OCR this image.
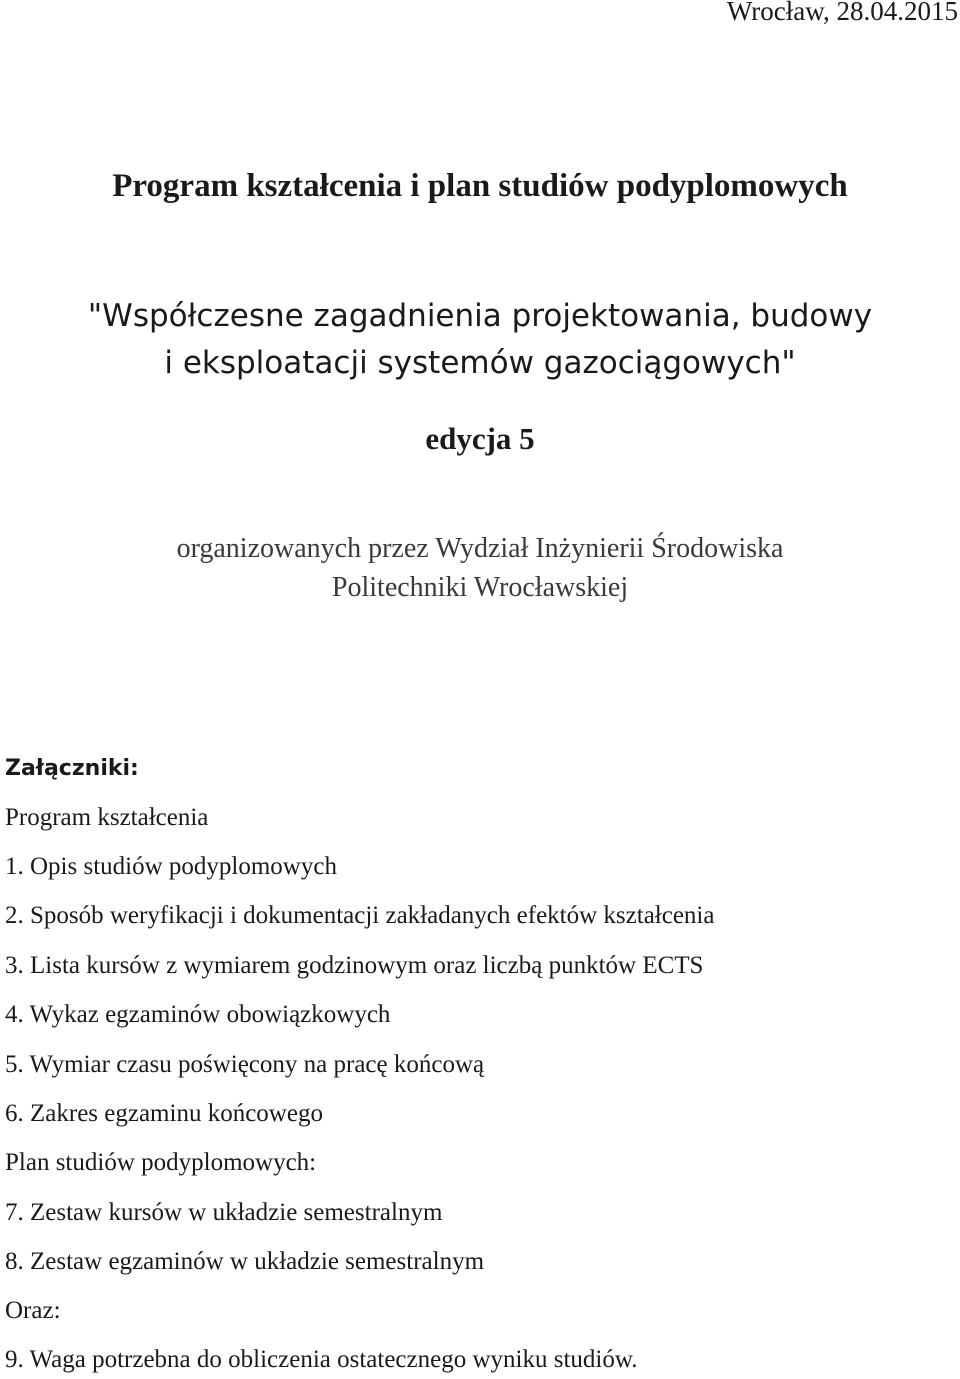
Wrocław, 28.04.2015
Program kształcenia i plan studiów podyplomowych
"Współczesne zagadnienia projektowania, budowy
i eksploatacji systemów gazociągowych"
edycja 5
organizowanych przez Wydział Inżynierii Środowiska
Politechniki Wrocławskiej
Załączniki:
Program kształcenia
1. Opis studiów podyplomowych
2. Sposób weryfikacji i dokumentacji zakładanych efektów kształcenia
3. Lista kursów z wymiarem godzinowym oraz liczbą punktów ECTS
4. Wykaz egzaminów obowiązkowych
5. Wymiar czasu poświęcony na pracę końcową
6. Zakres egzaminu końcowego
Plan studiów podyplomowych:
7. Zestaw kursów w układzie semestralnym
8. Zestaw egzaminów w układzie semestralnym
Oraz:
9. Waga potrzebna do obliczenia ostatecznego wyniku studiów.
